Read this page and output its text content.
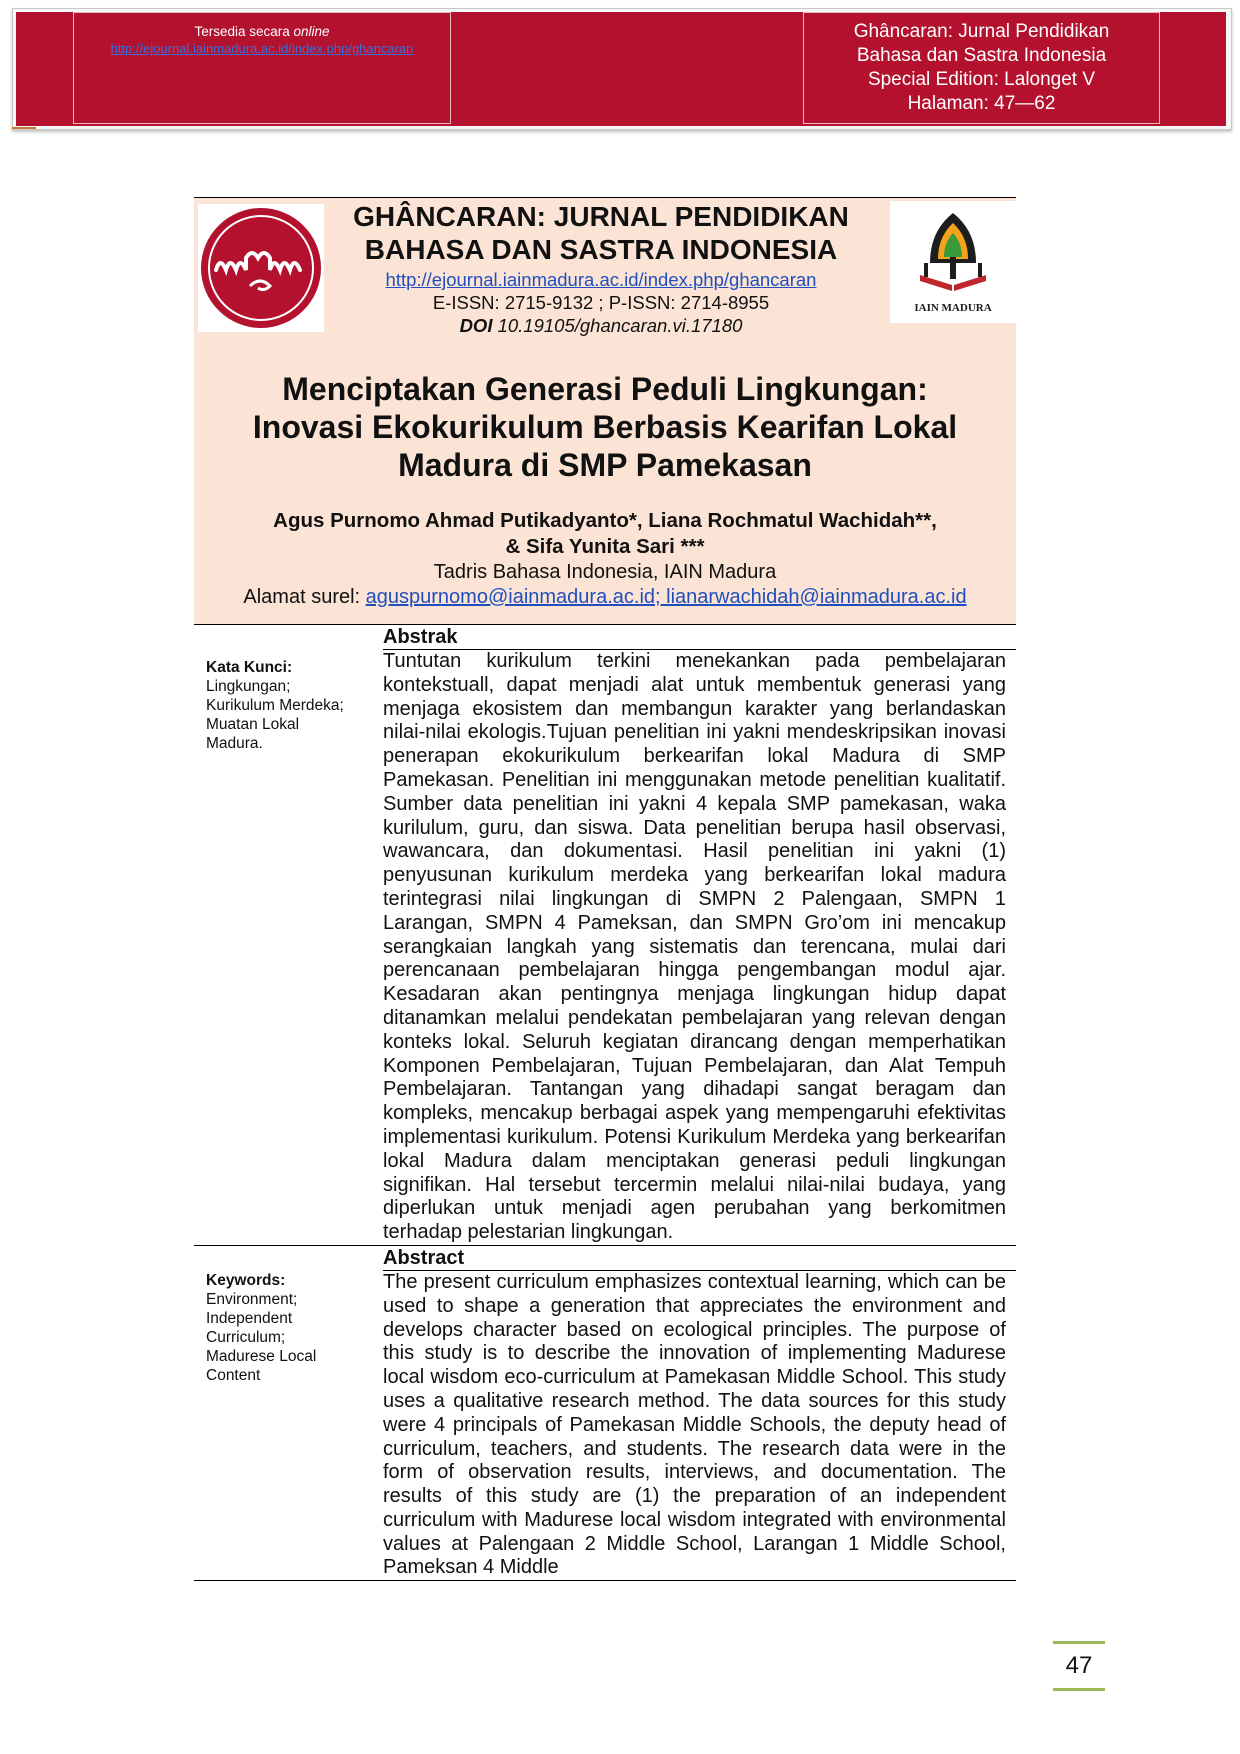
Tersedia secara online
http://ejournal.iainmadura.ac.id/index.php/ghancaran
Ghâncaran: Jurnal Pendidikan
Bahasa dan Sastra Indonesia
Special Edition: Lalonget V
Halaman: 47—62
GHÂNCARAN: JURNAL PENDIDIKAN
BAHASA DAN SASTRA INDONESIA
http://ejournal.iainmadura.ac.id/index.php/ghancaran
E-ISSN: 2715-9132 ; P-ISSN: 2714-8955
DOI 10.19105/ghancaran.vi.17180
IAIN MADURA
Menciptakan Generasi Peduli Lingkungan:
Inovasi Ekokurikulum Berbasis Kearifan Lokal
Madura di SMP Pamekasan
Agus Purnomo Ahmad Putikadyanto*, Liana Rochmatul Wachidah**,
& Sifa Yunita Sari ***
Tadris Bahasa Indonesia, IAIN Madura
Alamat surel: aguspurnomo@iainmadura.ac.id; lianarwachidah@iainmadura.ac.id
Kata Kunci:
Lingkungan;
Kurikulum Merdeka;
Muatan Lokal
Madura.
Abstrak
Tuntutan kurikulum terkini menekankan pada pembelajaran kontekstuall, dapat menjadi alat untuk membentuk generasi yang menjaga ekosistem dan membangun karakter yang berlandaskan nilai-nilai ekologis.Tujuan penelitian ini yakni mendeskripsikan inovasi penerapan ekokurikulum berkearifan lokal Madura di SMP Pamekasan. Penelitian ini menggunakan metode penelitian kualitatif. Sumber data penelitian ini yakni 4 kepala SMP pamekasan, waka kurilulum, guru, dan siswa. Data penelitian berupa hasil observasi, wawancara, dan dokumentasi. Hasil penelitian ini yakni (1) penyusunan kurikulum merdeka yang berkearifan lokal madura terintegrasi nilai lingkungan di SMPN 2 Palengaan, SMPN 1 Larangan, SMPN 4 Pameksan, dan SMPN Gro’om ini mencakup serangkaian langkah yang sistematis dan terencana, mulai dari perencanaan pembelajaran hingga pengembangan modul ajar. Kesadaran akan pentingnya menjaga lingkungan hidup dapat ditanamkan melalui pendekatan pembelajaran yang relevan dengan konteks lokal. Seluruh kegiatan dirancang dengan memperhatikan Komponen Pembelajaran, Tujuan Pembelajaran, dan Alat Tempuh Pembelajaran. Tantangan yang dihadapi sangat beragam dan kompleks, mencakup berbagai aspek yang mempengaruhi efektivitas implementasi kurikulum. Potensi Kurikulum Merdeka yang berkearifan lokal Madura dalam menciptakan generasi peduli lingkungan signifikan. Hal tersebut tercermin melalui nilai-nilai budaya, yang diperlukan untuk menjadi agen perubahan yang berkomitmen terhadap pelestarian lingkungan.
Keywords:
Environment;
Independent
Curriculum;
Madurese Local
Content
Abstract
The present curriculum emphasizes contextual learning, which can be used to shape a generation that appreciates the environment and develops character based on ecological principles. The purpose of this study is to describe the innovation of implementing Madurese local wisdom eco-curriculum at Pamekasan Middle School. This study uses a qualitative research method. The data sources for this study were 4 principals of Pamekasan Middle Schools, the deputy head of curriculum, teachers, and students. The research data were in the form of observation results, interviews, and documentation. The results of this study are (1) the preparation of an independent curriculum with Madurese local wisdom integrated with environmental values at Palengaan 2 Middle School, Larangan 1 Middle School, Pameksan 4 Middle
47
